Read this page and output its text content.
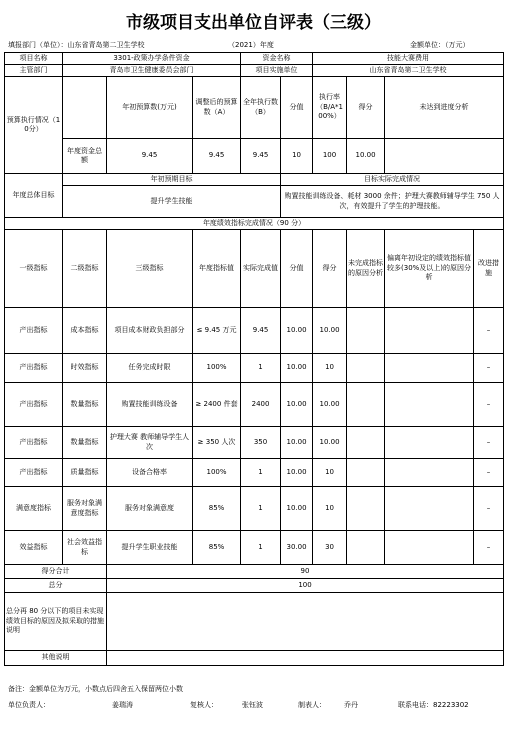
市级项目支出单位自评表（三级）
填报部门（单位）：山东省青岛第二卫生学校	（2021）年度	金额单位：（万元）
项目名称	3301-政策办学条件资金			资金名称		技能大赛费用			
主管部门	青岛市卫生健康委员会部门			项目实施单位		山东省青岛第二卫生学校			
预算执行情况（10分）		年初预算数(万元)	调整后的预算数（A）	全年执行数（B）	分值	执行率（B/A*100%）	得分	未达到进度分析	
	年度资金总额	9.45	9.45	9.45	10	100	10.00		
年度总体目标	年初预期目标				目标实际完成情况				
	提升学生技能				购置技能训练设备、耗材 3000 余件；护理大赛教师辅导学生 750 人次，有效提升了学生的护理技能。				
年度绩效指标完成情况（90 分）									
一级指标	二级指标	三级指标	年度指标值	实际完成值	分值	得分	未完成指标的原因分析	偏离年初设定的绩效指标值较多(30%及以上)的原因分析	改进措施
产出指标	成本指标	项目成本财政负担部分	≤ 9.45 万元	9.45	10.00	10.00			–
产出指标	时效指标	任务完成时限	100%	1	10.00	10			–
产出指标	数量指标	购置技能训练设备	≥ 2400 件套	2400	10.00	10.00			–
产出指标	数量指标	护理大赛 教师辅导学生人次	≥ 350 人次	350	10.00	10.00			–
产出指标	质量指标	设备合格率	100%	1	10.00	10			–
满意度指标	服务对象满意度指标	服务对象满意度	85%	1	10.00	10			–
效益指标	社会效益指标	提升学生职业技能	85%	1	30.00	30			–
得分合计		90							
总分		100							
总分再 80 分以下的项目未实现绩效目标的原因及拟采取的措施说明									
其他说明									
备注：金额单位为万元，小数点后四舍五入保留两位小数
单位负责人：	姜瑞涛	复核人：	张钰波	制表人：	乔丹	联系电话：82223302
